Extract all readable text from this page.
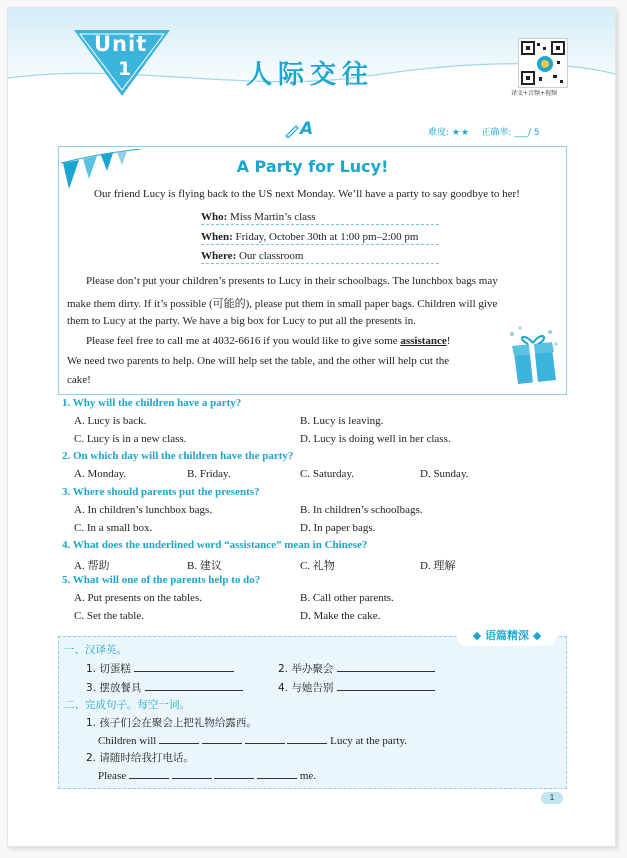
Unit
1	人际交往
译文+音频+视频
A	难度: ★★ 正确率: ___/ 5
A Party for Lucy!
Our friend Lucy is flying back to the US next Monday. We’ll have a party to say goodbye to her!
Who: Miss Martin’s class
When: Friday, October 30th at 1:00 pm–2:00 pm
Where: Our classroom
Please don’t put your children’s presents to Lucy in their schoolbags. The lunchbox bags may
make them dirty. If it’s possible (可能的), please put them in small paper bags. Children will give
them to Lucy at the party. We have a big box for Lucy to put all the presents in.
Please feel free to call me at 4032-6616 if you would like to give some assistance!
We need two parents to help. One will help set the table, and the other will help cut the
cake!
1. Why will the children have a party?
A. Lucy is back.	B. Lucy is leaving.
C. Lucy is in a new class.	D. Lucy is doing well in her class.
2. On which day will the children have the party?
A. Monday.	B. Friday.	C. Saturday.	D. Sunday.
3. Where should parents put the presents?
A. In children’s lunchbox bags.	B. In children’s schoolbags.
C. In a small box.	D. In paper bags.
4. What does the underlined word “assistance” mean in Chinese?
A. 帮助	B. 建议	C. 礼物	D. 理解
5. What will one of the parents help to do?
A. Put presents on the tables.	B. Call other parents.
C. Set the table.	D. Make the cake.
◆ 语篇精深 ◆
一、汉译英。
1. 切蛋糕	2. 举办聚会
3. 摆放餐具	4. 与她告别
二、完成句子。每空一词。
1. 孩子们会在聚会上把礼物给露西。
Children will	Lucy at the party.
2. 请随时给我打电话。
Please	me.
1
